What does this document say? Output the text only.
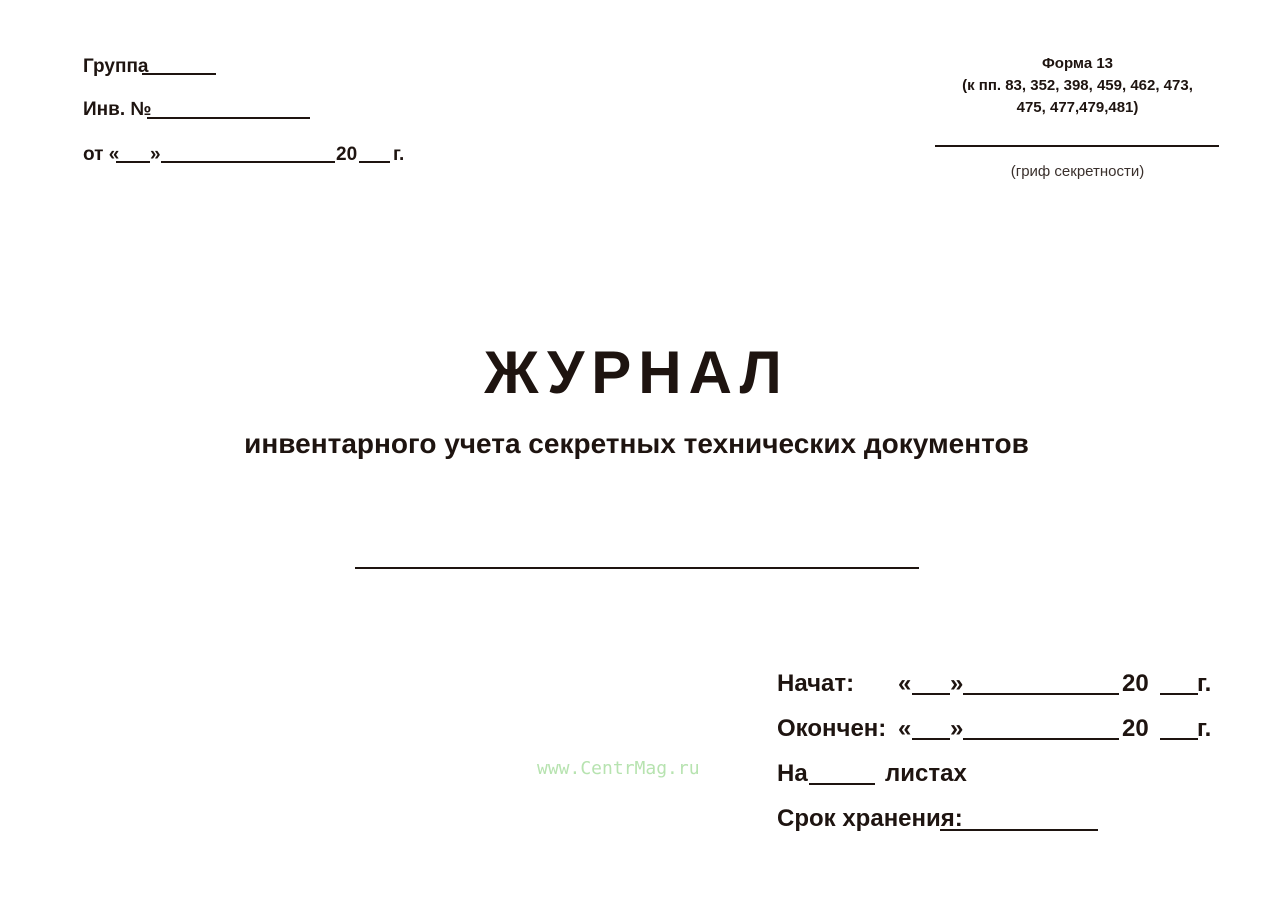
Группа
Инв. №
от « »	20 г.
Форма 13
(к пп. 83, 352, 398, 459, 462, 473,
475, 477,479,481)
(гриф секретности)
ЖУРНАЛ
инвентарного учета секретных технических документов
www.CentrMag.ru
Начат: « »	20 г.
Окончен: « »	20 г.
На	листах
Срок хранения:
